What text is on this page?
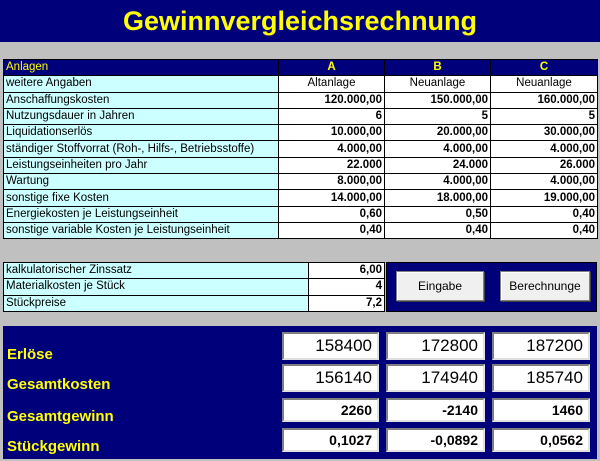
Gewinnvergleichsrechnung
Anlagen	A	B	C
weitere Angaben	Altanlage	Neuanlage	Neuanlage
Anschaffungskosten	120.000,00	150.000,00	160.000,00
Nutzungsdauer in Jahren	6	5	5
Liquidationserlös	10.000,00	20.000,00	30.000,00
ständiger Stoffvorrat (Roh-, Hilfs-, Betriebsstoffe)	4.000,00	4.000,00	4.000,00
Leistungseinheiten pro Jahr	22.000	24.000	26.000
Wartung	8.000,00	4.000,00	4.000,00
sonstige fixe Kosten	14.000,00	18.000,00	19.000,00
Energiekosten je Leistungseinheit	0,60	0,50	0,40
sonstige variable Kosten je Leistungseinheit	0,40	0,40	0,40
kalkulatorischer Zinssatz	6,00
Materialkosten je Stück	4
Stückpreise	7,2
Eingabe	Berechnunge
Erlöse	158400	172800	187200
Gesamtkosten	156140	174940	185740
Gesamtgewinn	2260	-2140	1460
Stückgewinn	0,1027	-0,0892	0,0562
